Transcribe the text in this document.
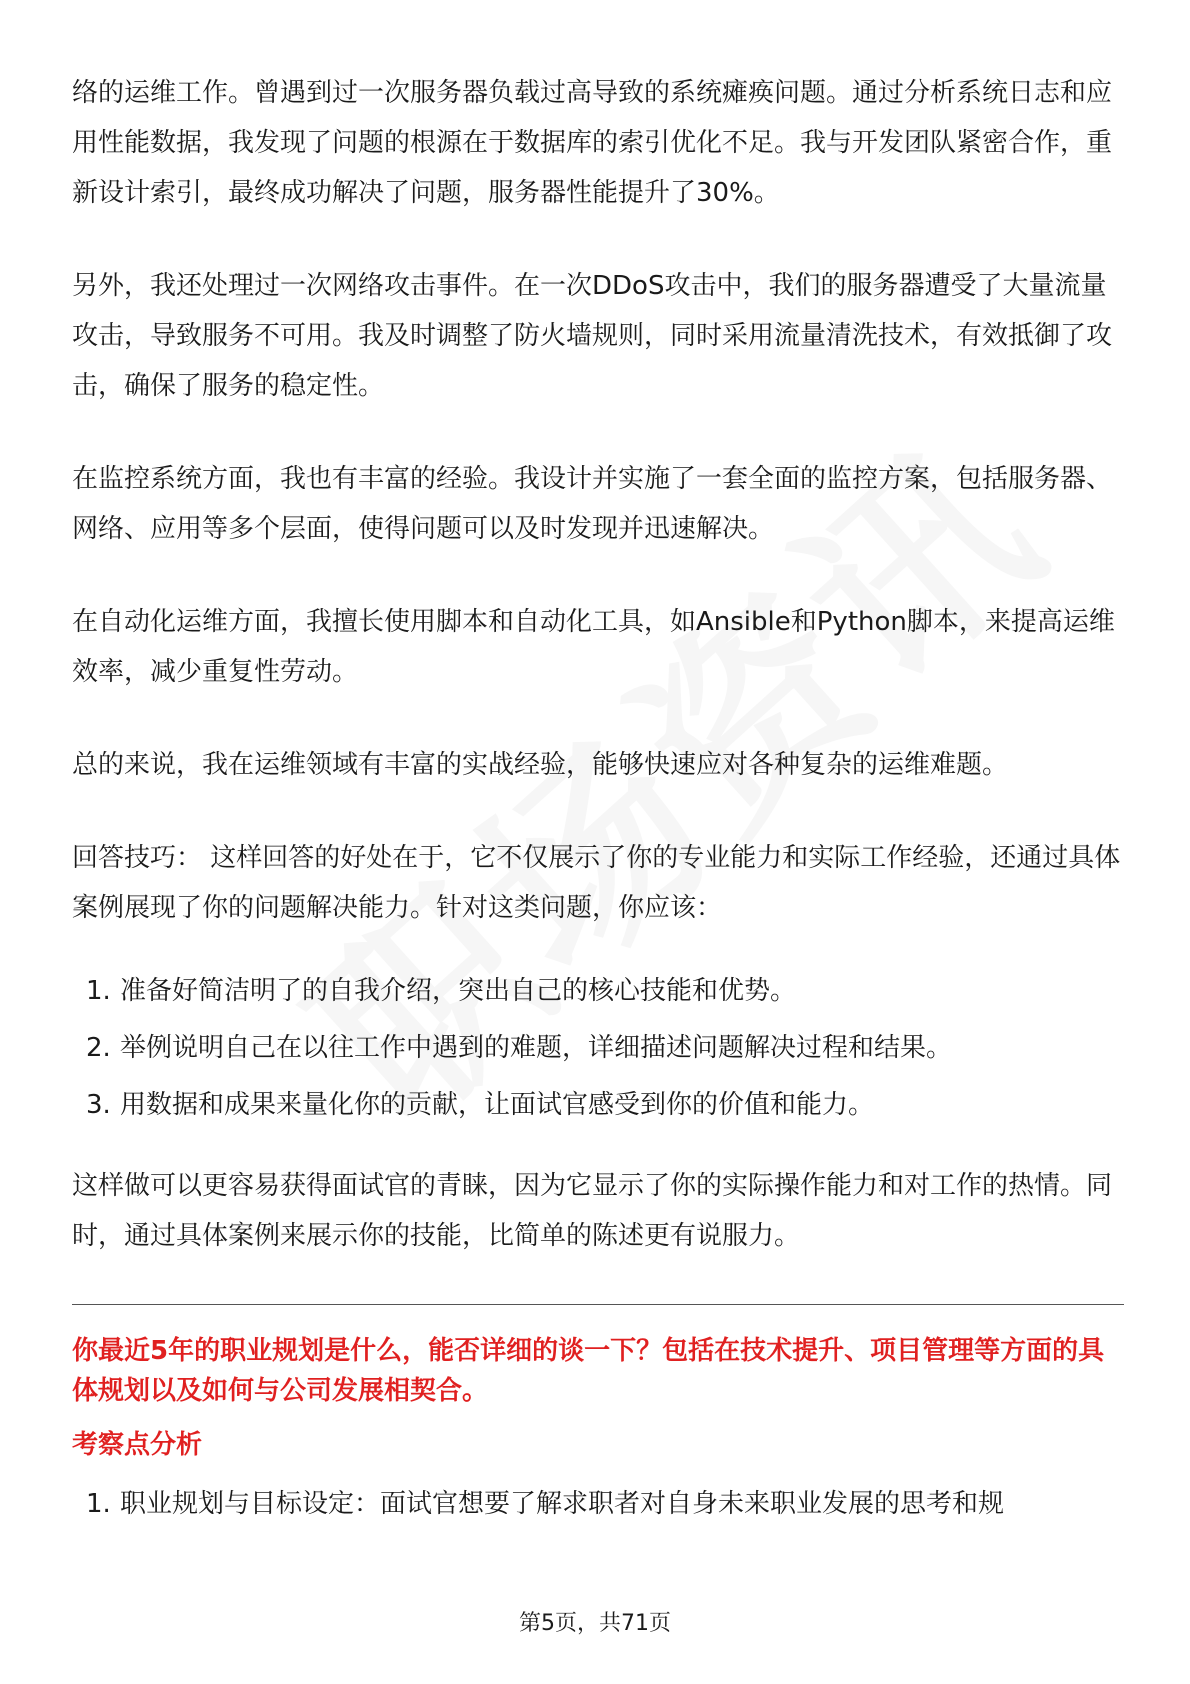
络的运维工作。曾遇到过一次服务器负载过高导致的系统瘫痪问题。通过分析系统日志和应用性能数据，我发现了问题的根源在于数据库的索引优化不足。我与开发团队紧密合作，重新设计索引，最终成功解决了问题，服务器性能提升了30%。

另外，我还处理过一次网络攻击事件。在一次DDoS攻击中，我们的服务器遭受了大量流量攻击，导致服务不可用。我及时调整了防火墙规则，同时采用流量清洗技术，有效抵御了攻击，确保了服务的稳定性。

在监控系统方面，我也有丰富的经验。我设计并实施了一套全面的监控方案，包括服务器、网络、应用等多个层面，使得问题可以及时发现并迅速解决。

在自动化运维方面，我擅长使用脚本和自动化工具，如Ansible和Python脚本，来提高运维效率，减少重复性劳动。

总的来说，我在运维领域有丰富的实战经验，能够快速应对各种复杂的运维难题。

回答技巧： 这样回答的好处在于，它不仅展示了你的专业能力和实际工作经验，还通过具体案例展现了你的问题解决能力。针对这类问题，你应该：

1. 准备好简洁明了的自我介绍，突出自己的核心技能和优势。
2. 举例说明自己在以往工作中遇到的难题，详细描述问题解决过程和结果。
3. 用数据和成果来量化你的贡献，让面试官感受到你的价值和能力。

这样做可以更容易获得面试官的青睐，因为它显示了你的实际操作能力和对工作的热情。同时，通过具体案例来展示你的技能，比简单的陈述更有说服力。

你最近5年的职业规划是什么，能否详细的谈一下？包括在技术提升、项目管理等方面的具体规划以及如何与公司发展相契合。
考察点分析
1. 职业规划与目标设定：面试官想要了解求职者对自身未来职业发展的思考和规
第5页，共71页
